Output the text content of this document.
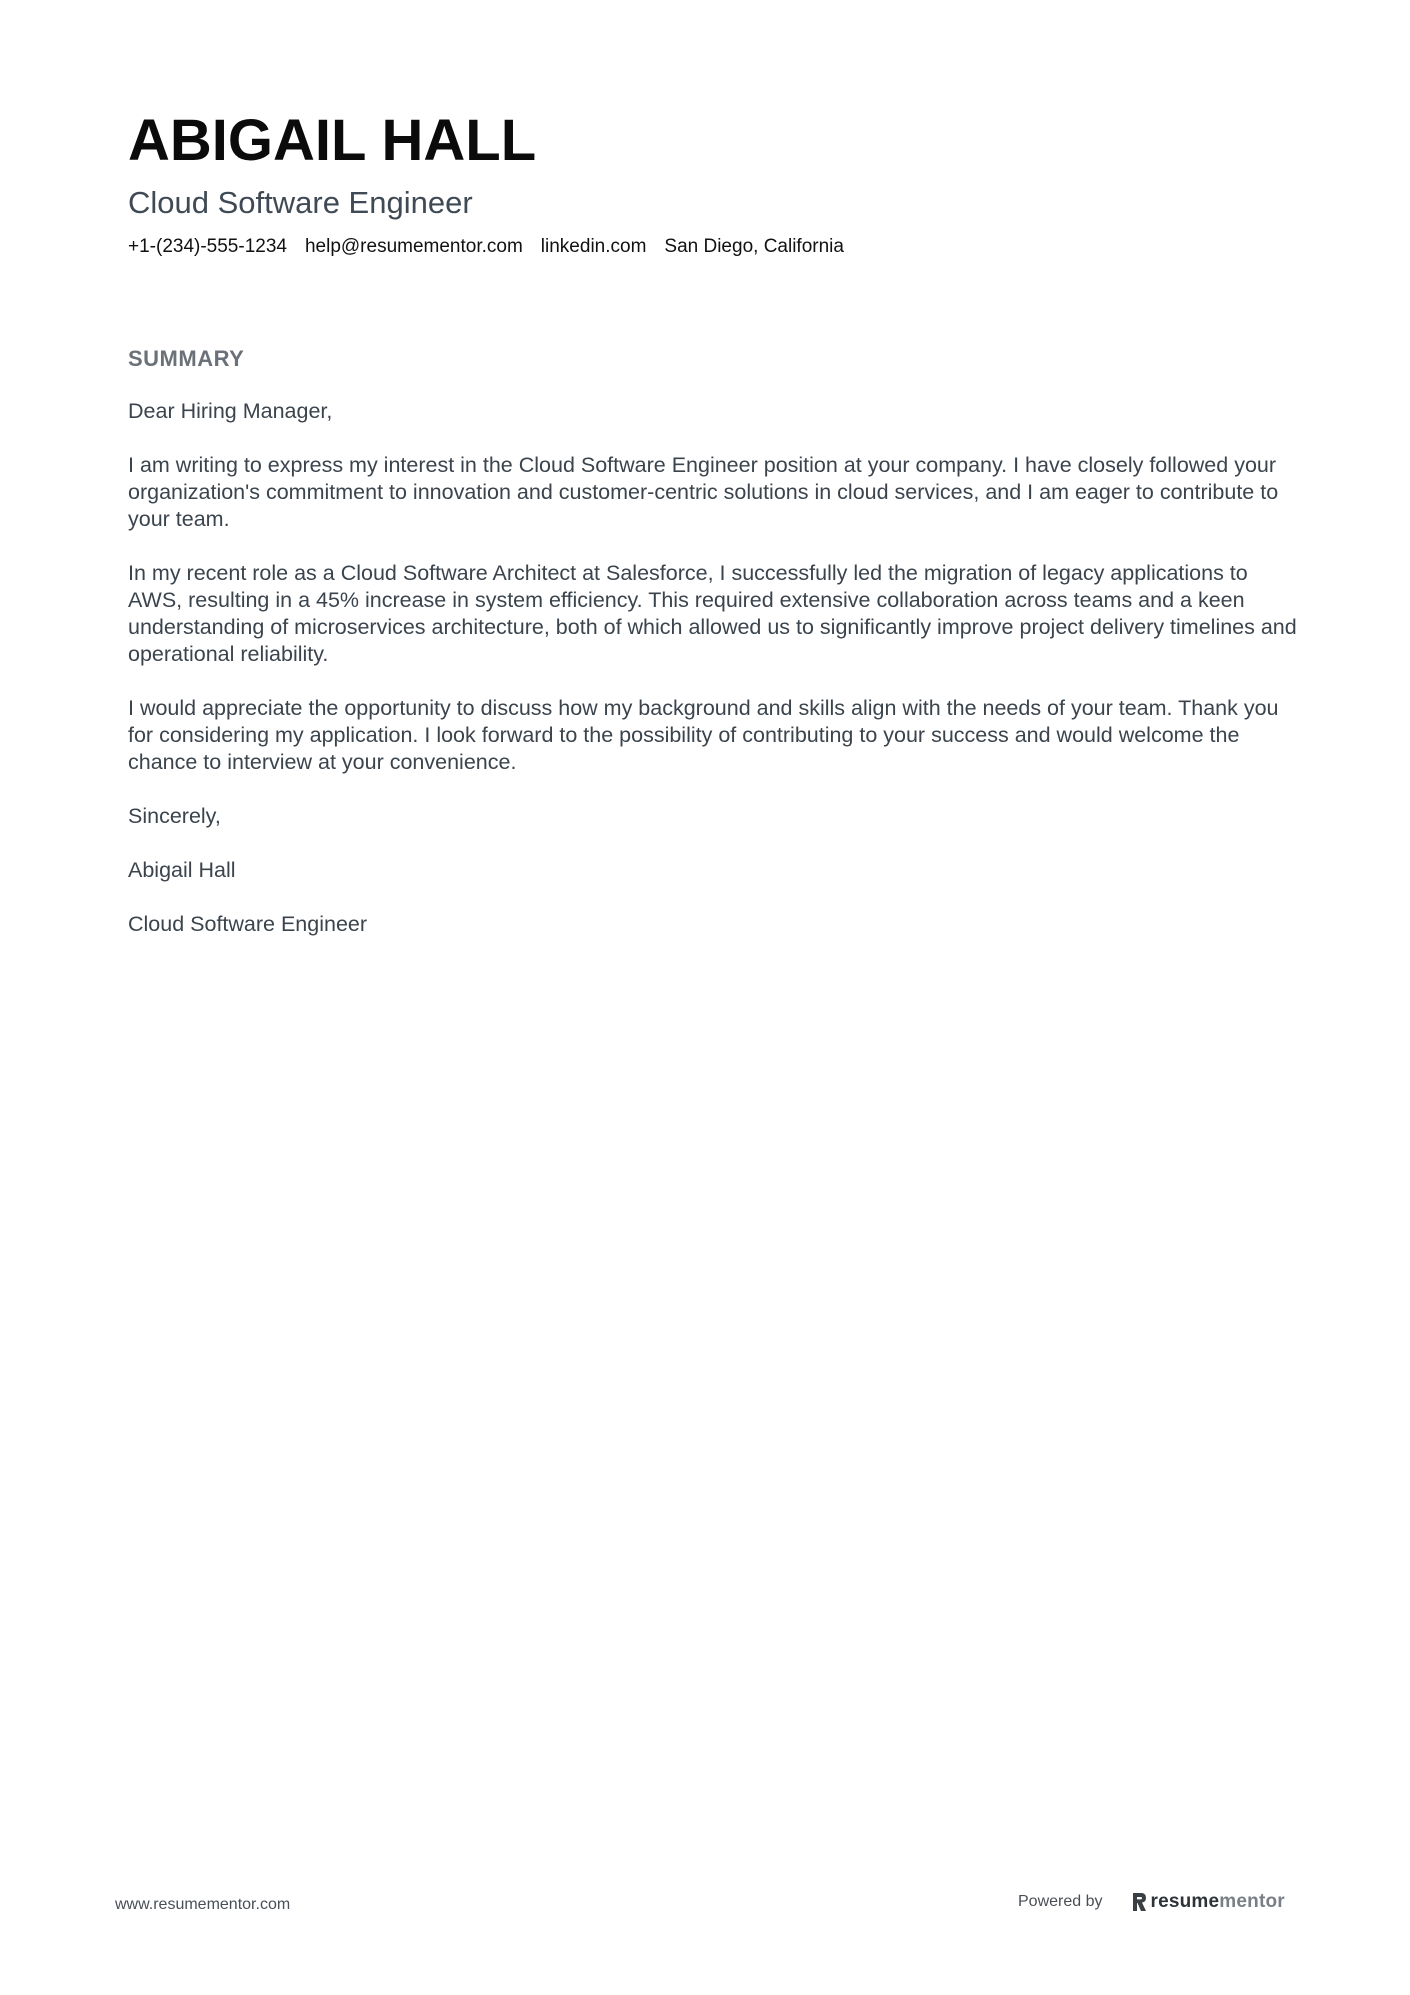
ABIGAIL HALL
Cloud Software Engineer
+1-(234)-555-1234 help@resumementor.com linkedin.com San Diego, California
SUMMARY

Dear Hiring Manager,

I am writing to express my interest in the Cloud Software Engineer position at your company. I have closely followed your organization's commitment to innovation and customer-centric solutions in cloud services, and I am eager to contribute to your team.

In my recent role as a Cloud Software Architect at Salesforce, I successfully led the migration of legacy applications to AWS, resulting in a 45% increase in system efficiency. This required extensive collaboration across teams and a keen understanding of microservices architecture, both of which allowed us to significantly improve project delivery timelines and operational reliability.

I would appreciate the opportunity to discuss how my background and skills align with the needs of your team. Thank you for considering my application. I look forward to the possibility of contributing to your success and would welcome the chance to interview at your convenience.

Sincerely,

Abigail Hall

Cloud Software Engineer

www.resumementor.com	Powered by	resume mentor
